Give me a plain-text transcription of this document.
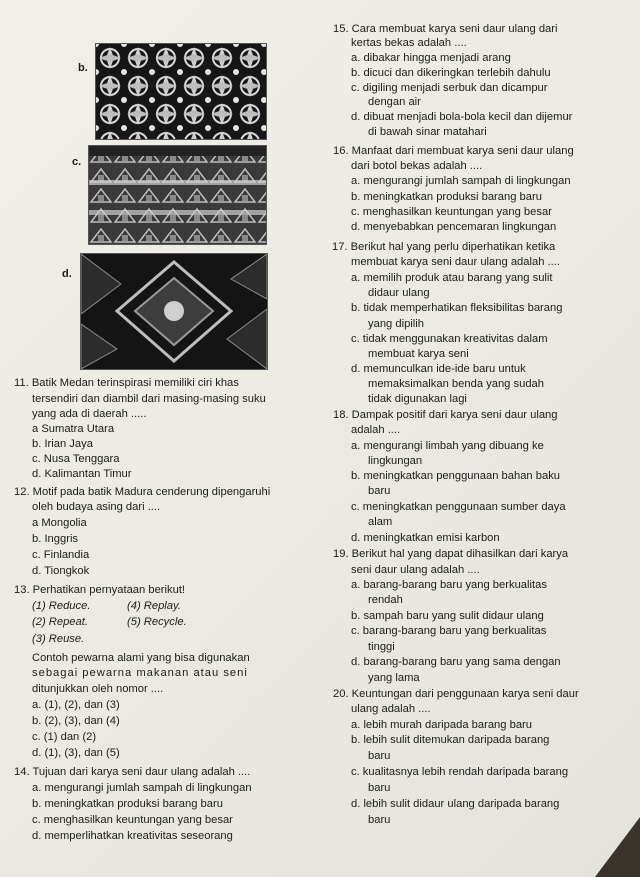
b.
c.
d.
15. Cara membuat karya seni daur ulang dari
kertas bekas adalah ....
a. dibakar hingga menjadi arang
b. dicuci dan dikeringkan terlebih dahulu
c. digiling menjadi serbuk dan dicampur
dengan air
d. dibuat menjadi bola-bola kecil dan dijemur
di bawah sinar matahari
16. Manfaat dari membuat karya seni daur ulang
dari botol bekas adalah ....
a. mengurangi jumlah sampah di lingkungan
b. meningkatkan produksi barang baru
c. menghasilkan keuntungan yang besar
d. menyebabkan pencemaran lingkungan
17. Berikut hal yang perlu diperhatikan ketika
membuat karya seni daur ulang adalah ....
a. memilih produk atau barang yang sulit
didaur ulang
b. tidak memperhatikan fleksibilitas barang
yang dipilih
c. tidak menggunakan kreativitas dalam
membuat karya seni
d. memunculkan ide-ide baru untuk
memaksimalkan benda yang sudah
tidak digunakan lagi
18. Dampak positif dari karya seni daur ulang
adalah ....
a. mengurangi limbah yang dibuang ke
lingkungan
b. meningkatkan penggunaan bahan baku
baru
c. meningkatkan penggunaan sumber daya
alam
d. meningkatkan emisi karbon
19. Berikut hal yang dapat dihasilkan dari karya
seni daur ulang adalah ....
a. barang-barang baru yang berkualitas
rendah
b. sampah baru yang sulit didaur ulang
c. barang-barang baru yang berkualitas
tinggi
d. barang-barang baru yang sama dengan
yang lama
20. Keuntungan dari penggunaan karya seni daur
ulang adalah ....
a. lebih murah daripada barang baru
b. lebih sulit ditemukan daripada barang
baru
c. kualitasnya lebih rendah daripada barang
baru
d. lebih sulit didaur ulang daripada barang
baru
11. Batik Medan terinspirasi memiliki ciri khas
tersendiri dan diambil dari masing-masing suku
yang ada di daerah .....
a Sumatra Utara
b. Irian Jaya
c. Nusa Tenggara
d. Kalimantan Timur
12. Motif pada batik Madura cenderung dipengaruhi
oleh budaya asing dari ....
a Mongolia
b. Inggris
c. Finlandia
d. Tiongkok
13. Perhatikan pernyataan berikut!
(1) Reduce.	(4) Replay.
(2) Repeat.	(5) Recycle.
(3) Reuse.
Contoh pewarna alami yang bisa digunakan
sebagai pewarna makanan atau seni
ditunjukkan oleh nomor ....
a. (1), (2), dan (3)
b. (2), (3), dan (4)
c. (1) dan (2)
d. (1), (3), dan (5)
14. Tujuan dari karya seni daur ulang adalah ....
a. mengurangi jumlah sampah di lingkungan
b. meningkatkan produksi barang baru
c. menghasilkan keuntungan yang besar
d. memperlihatkan kreativitas seseorang
